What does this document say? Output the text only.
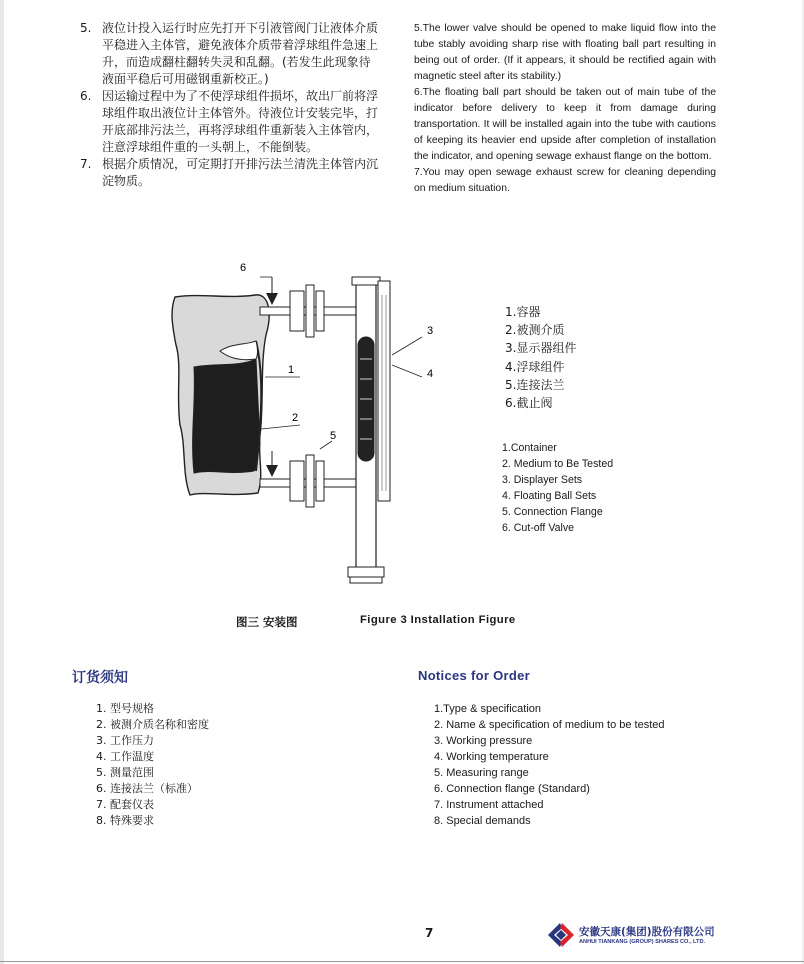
5. 液位计投入运行时应先打开下引液管阀门让液体介质平稳进入主体管，避免液体介质带着浮球组件急速上升，而造成翻柱翻转失灵和乱翻。(若发生此现象待液面平稳后可用磁钢重新校正。)
6. 因运输过程中为了不使浮球组件损坏，故出厂前将浮球组件取出液位计主体管外。待液位计安装完毕，打开底部排污法兰，再将浮球组件重新装入主体管内，注意浮球组件重的一头朝上，不能倒装。
7. 根据介质情况，可定期打开排污法兰清洗主体管内沉淀物质。

5.The lower valve should be opened to make liquid flow into the tube stably avoiding sharp rise with floating ball part resulting in being out of order. (If it appears, it should be rectified again with magnetic steel after its stability.)

6.The floating ball part should be taken out of main tube of the indicator before delivery to keep it from damage during transportation. It will be installed again into the tube with cautions of keeping its heavier end upside after completion of installation the indicator, and opening sewage exhaust flange on the bottom.

7.You may open sewage exhaust screw for cleaning depending on medium situation.

1
2
3
4
5
6
1.容器
2.被测介质
3.显示器组件
4.浮球组件
5.连接法兰
6.截止阀
1.Container
2. Medium to Be Tested
3. Displayer Sets
4. Floating Ball Sets
5. Connection Flange
6. Cut-off Valve
图三 安装图	Figure 3 Installation Figure
订货须知	Notices for Order
1. 型号规格
2. 被测介质名称和密度
3. 工作压力
4. 工作温度
5. 测量范围
6. 连接法兰（标准）
7. 配套仪表
8. 特殊要求
1.Type & specification
2. Name & specification of medium to be tested
3. Working pressure
4. Working temperature
5. Measuring range
6. Connection flange (Standard)
7. Instrument attached
8. Special demands
7	安徽天康(集团)股份有限公司
ANHUI TIANKANG (GROUP) SHARES CO., LTD.
